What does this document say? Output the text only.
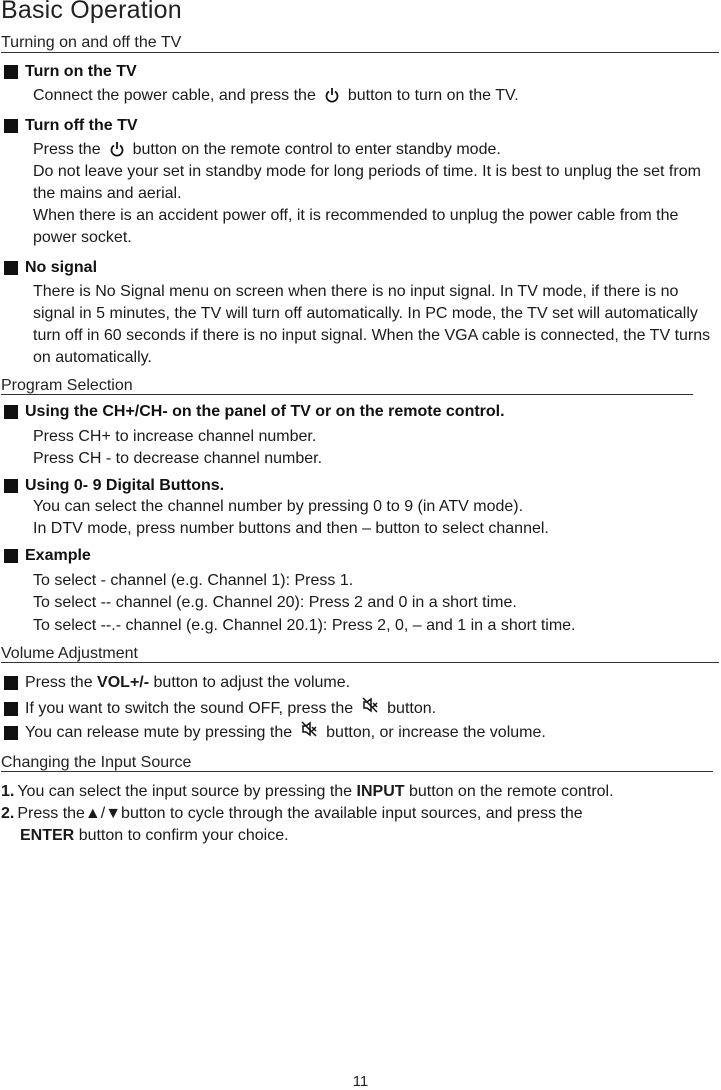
Basic Operation
Turning on and off the TV
Turn on the TV
Connect the power cable, and press the button to turn on the TV.
Turn off the TV
Press the button on the remote control to enter standby mode.
Do not leave your set in standby mode for long periods of time. It is best to unplug the set from the mains and aerial.
When there is an accident power off, it is recommended to unplug the power cable from the power socket.
No signal
There is No Signal menu on screen when there is no input signal. In TV mode, if there is no signal in 5 minutes, the TV will turn off automatically. In PC mode, the TV set will automatically turn off in 60 seconds if there is no input signal. When the VGA cable is connected, the TV turns on automatically.
Program Selection
Using the CH+/CH- on the panel of TV or on the remote control.
Press CH+ to increase channel number.
Press CH - to decrease channel number.
Using 0- 9 Digital Buttons.
You can select the channel number by pressing 0 to 9 (in ATV mode).
In DTV mode, press number buttons and then – button to select channel.
Example
To select - channel (e.g. Channel 1): Press 1.
To select -- channel (e.g. Channel 20): Press 2 and 0 in a short time.
To select --.- channel (e.g. Channel 20.1): Press 2, 0, – and 1 in a short time.
Volume Adjustment
Press the
VOL+/-
button to adjust the volume.
If you want to switch the sound OFF, press the button.
You can release mute by pressing the button, or increase the volume.
Changing the Input Source
1. You can select the input source by pressing the INPUT button on the remote control.
2. Press the▲/▼button to cycle through the available input sources, and press the
ENTER button to confirm your choice.
11
